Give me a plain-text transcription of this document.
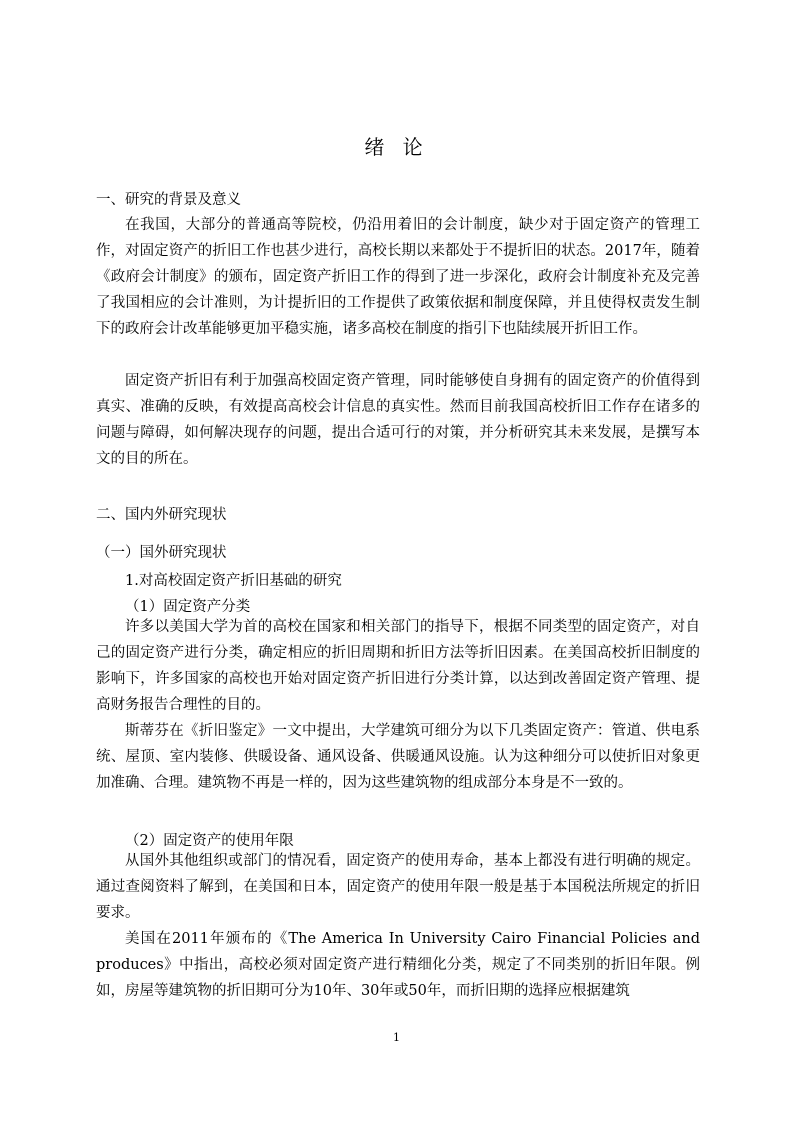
绪 论
一、研究的背景及意义

在我国，大部分的普通高等院校，仍沿用着旧的会计制度，缺少对于固定资产的管理工作，对固定资产的折旧工作也甚少进行，高校长期以来都处于不提折旧的状态。2017年，随着《政府会计制度》的颁布，固定资产折旧工作的得到了进一步深化，政府会计制度补充及完善了我国相应的会计准则，为计提折旧的工作提供了政策依据和制度保障，并且使得权责发生制下的政府会计改革能够更加平稳实施，诸多高校在制度的指引下也陆续展开折旧工作。

固定资产折旧有利于加强高校固定资产管理，同时能够使自身拥有的固定资产的价值得到真实、准确的反映，有效提高高校会计信息的真实性。然而目前我国高校折旧工作存在诸多的问题与障碍，如何解决现存的问题，提出合适可行的对策，并分析研究其未来发展，是撰写本文的目的所在。

二、国内外研究现状
（一）国外研究现状
1.对高校固定资产折旧基础的研究
（1）固定资产分类

许多以美国大学为首的高校在国家和相关部门的指导下，根据不同类型的固定资产，对自己的固定资产进行分类，确定相应的折旧周期和折旧方法等折旧因素。在美国高校折旧制度的影响下，许多国家的高校也开始对固定资产折旧进行分类计算，以达到改善固定资产管理、提高财务报告合理性的目的。

斯蒂芬在《折旧鉴定》一文中提出，大学建筑可细分为以下几类固定资产：管道、供电系统、屋顶、室内装修、供暖设备、通风设备、供暖通风设施。认为这种细分可以使折旧对象更加准确、合理。建筑物不再是一样的，因为这些建筑物的组成部分本身是不一致的。

（2）固定资产的使用年限

从国外其他组织或部门的情况看，固定资产的使用寿命，基本上都没有进行明确的规定。通过查阅资料了解到，在美国和日本，固定资产的使用年限一般是基于本国税法所规定的折旧要求。

美国在2011年颁布的《The America In University Cairo Financial Policies and produces》中指出，高校必须对固定资产进行精细化分类，规定了不同类别的折旧年限。例如，房屋等建筑物的折旧期可分为10年、30年或50年，而折旧期的选择应根据建筑

1
